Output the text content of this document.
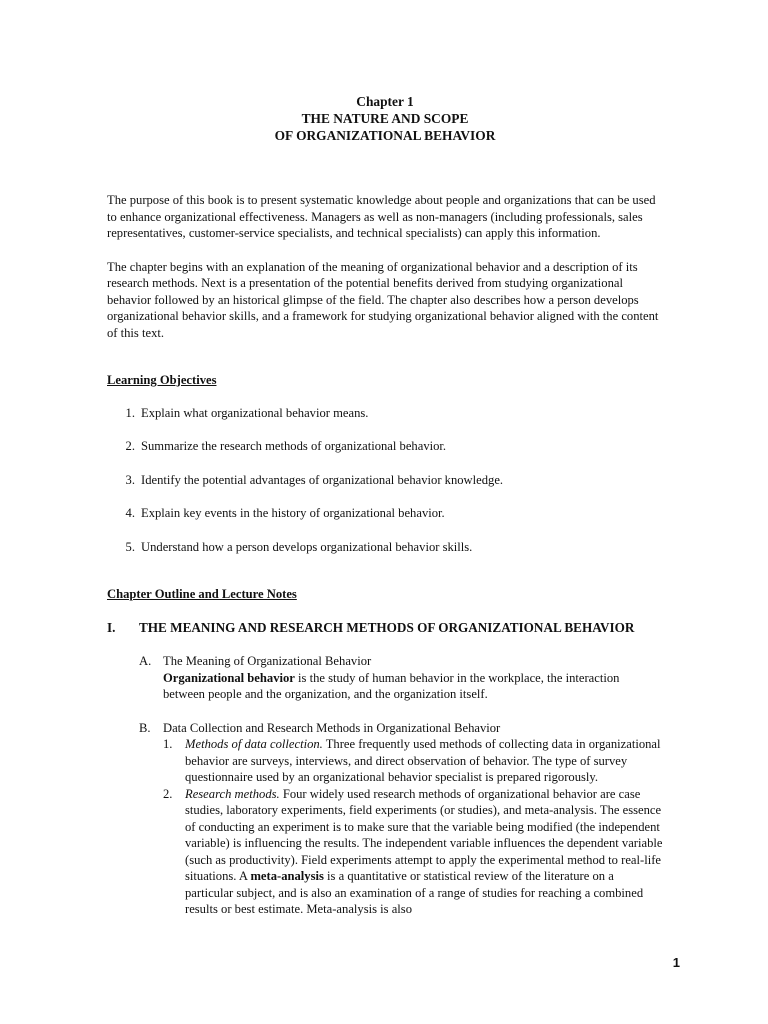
Chapter 1
THE NATURE AND SCOPE
OF ORGANIZATIONAL BEHAVIOR

The purpose of this book is to present systematic knowledge about people and organizations that can be used to enhance organizational effectiveness. Managers as well as non-managers (including professionals, sales representatives, customer-service specialists, and technical specialists) can apply this information.

The chapter begins with an explanation of the meaning of organizational behavior and a description of its research methods. Next is a presentation of the potential benefits derived from studying organizational behavior followed by an historical glimpse of the field. The chapter also describes how a person develops organizational behavior skills, and a framework for studying organizational behavior aligned with the content of this text.

Learning Objectives
1. Explain what organizational behavior means.
2. Summarize the research methods of organizational behavior.
3. Identify the potential advantages of organizational behavior knowledge.
4. Explain key events in the history of organizational behavior.
5. Understand how a person develops organizational behavior skills.
Chapter Outline and Lecture Notes
I.	THE MEANING AND RESEARCH METHODS OF ORGANIZATIONAL BEHAVIOR
A. The Meaning of Organizational Behavior
Organizational behavior is the study of human behavior in the workplace, the interaction between people and the organization, and the organization itself.
B. Data Collection and Research Methods in Organizational Behavior
1. Methods of data collection. Three frequently used methods of collecting data in organizational behavior are surveys, interviews, and direct observation of behavior. The type of survey questionnaire used by an organizational behavior specialist is prepared rigorously.
2. Research methods. Four widely used research methods of organizational behavior are case studies, laboratory experiments, field experiments (or studies), and meta-analysis. The essence of conducting an experiment is to make sure that the variable being modified (the independent variable) is influencing the results. The independent variable influences the dependent variable (such as productivity). Field experiments attempt to apply the experimental method to real-life situations. A meta-analysis is a quantitative or statistical review of the literature on a particular subject, and is also an examination of a range of studies for reaching a combined results or best estimate. Meta-analysis is also
1
